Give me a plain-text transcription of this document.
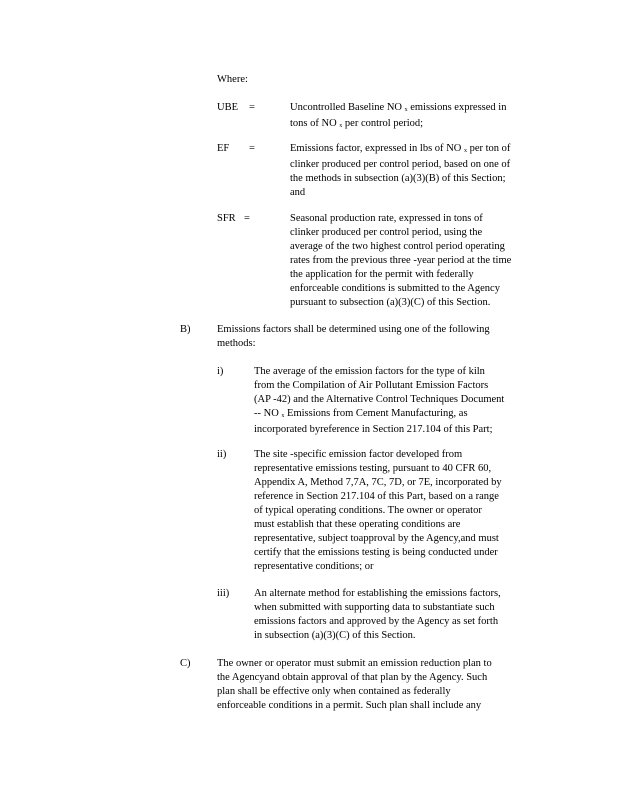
Where:
UBE =	Uncontrolled Baseline NO $_x$ emissions expressed in
tons of NO $_x$ per control period;
EF =	Emissions factor, expressed in lbs of NO $_x$ per ton of
clinker produced per control period, based on one of
the methods in subsection (a)(3)(B) of this Section;
and
SFR =	Seasonal production rate, expressed in tons of
clinker produced per control period, using the
average of the two highest control period operating
rates from the previous three -year period at the time
the application for the permit with federally
enforceable conditions is submitted to the Agency
pursuant to subsection (a)(3)(C) of this Section.
B)	Emissions factors shall be determined using one of the following
methods:
i)	The average of the emission factors for the type of kiln
from the Compilation of Air Pollutant Emission Factors
(AP -42) and the Alternative Control Techniques Document
-- NO $_x$ Emissions from Cement Manufacturing, as
incorporated byreference in Section 217.104 of this Part;
ii)	The site -specific emission factor developed from
representative emissions testing, pursuant to 40 CFR 60,
Appendix A, Method 7,7A, 7C, 7D, or 7E, incorporated by
reference in Section 217.104 of this Part, based on a range
of typical operating conditions. The owner or operator
must establish that these operating conditions are
representative, subject toapproval by the Agency,and must
certify that the emissions testing is being conducted under
representative conditions; or
iii) An alternate method for establishing the emissions factors,
when submitted with supporting data to substantiate such
emissions factors and approved by the Agency as set forth
in subsection (a)(3)(C) of this Section.
C)	The owner or operator must submit an emission reduction plan to
the Agencyand obtain approval of that plan by the Agency. Such
plan shall be effective only when contained as federally
enforceable conditions in a permit. Such plan shall include any
